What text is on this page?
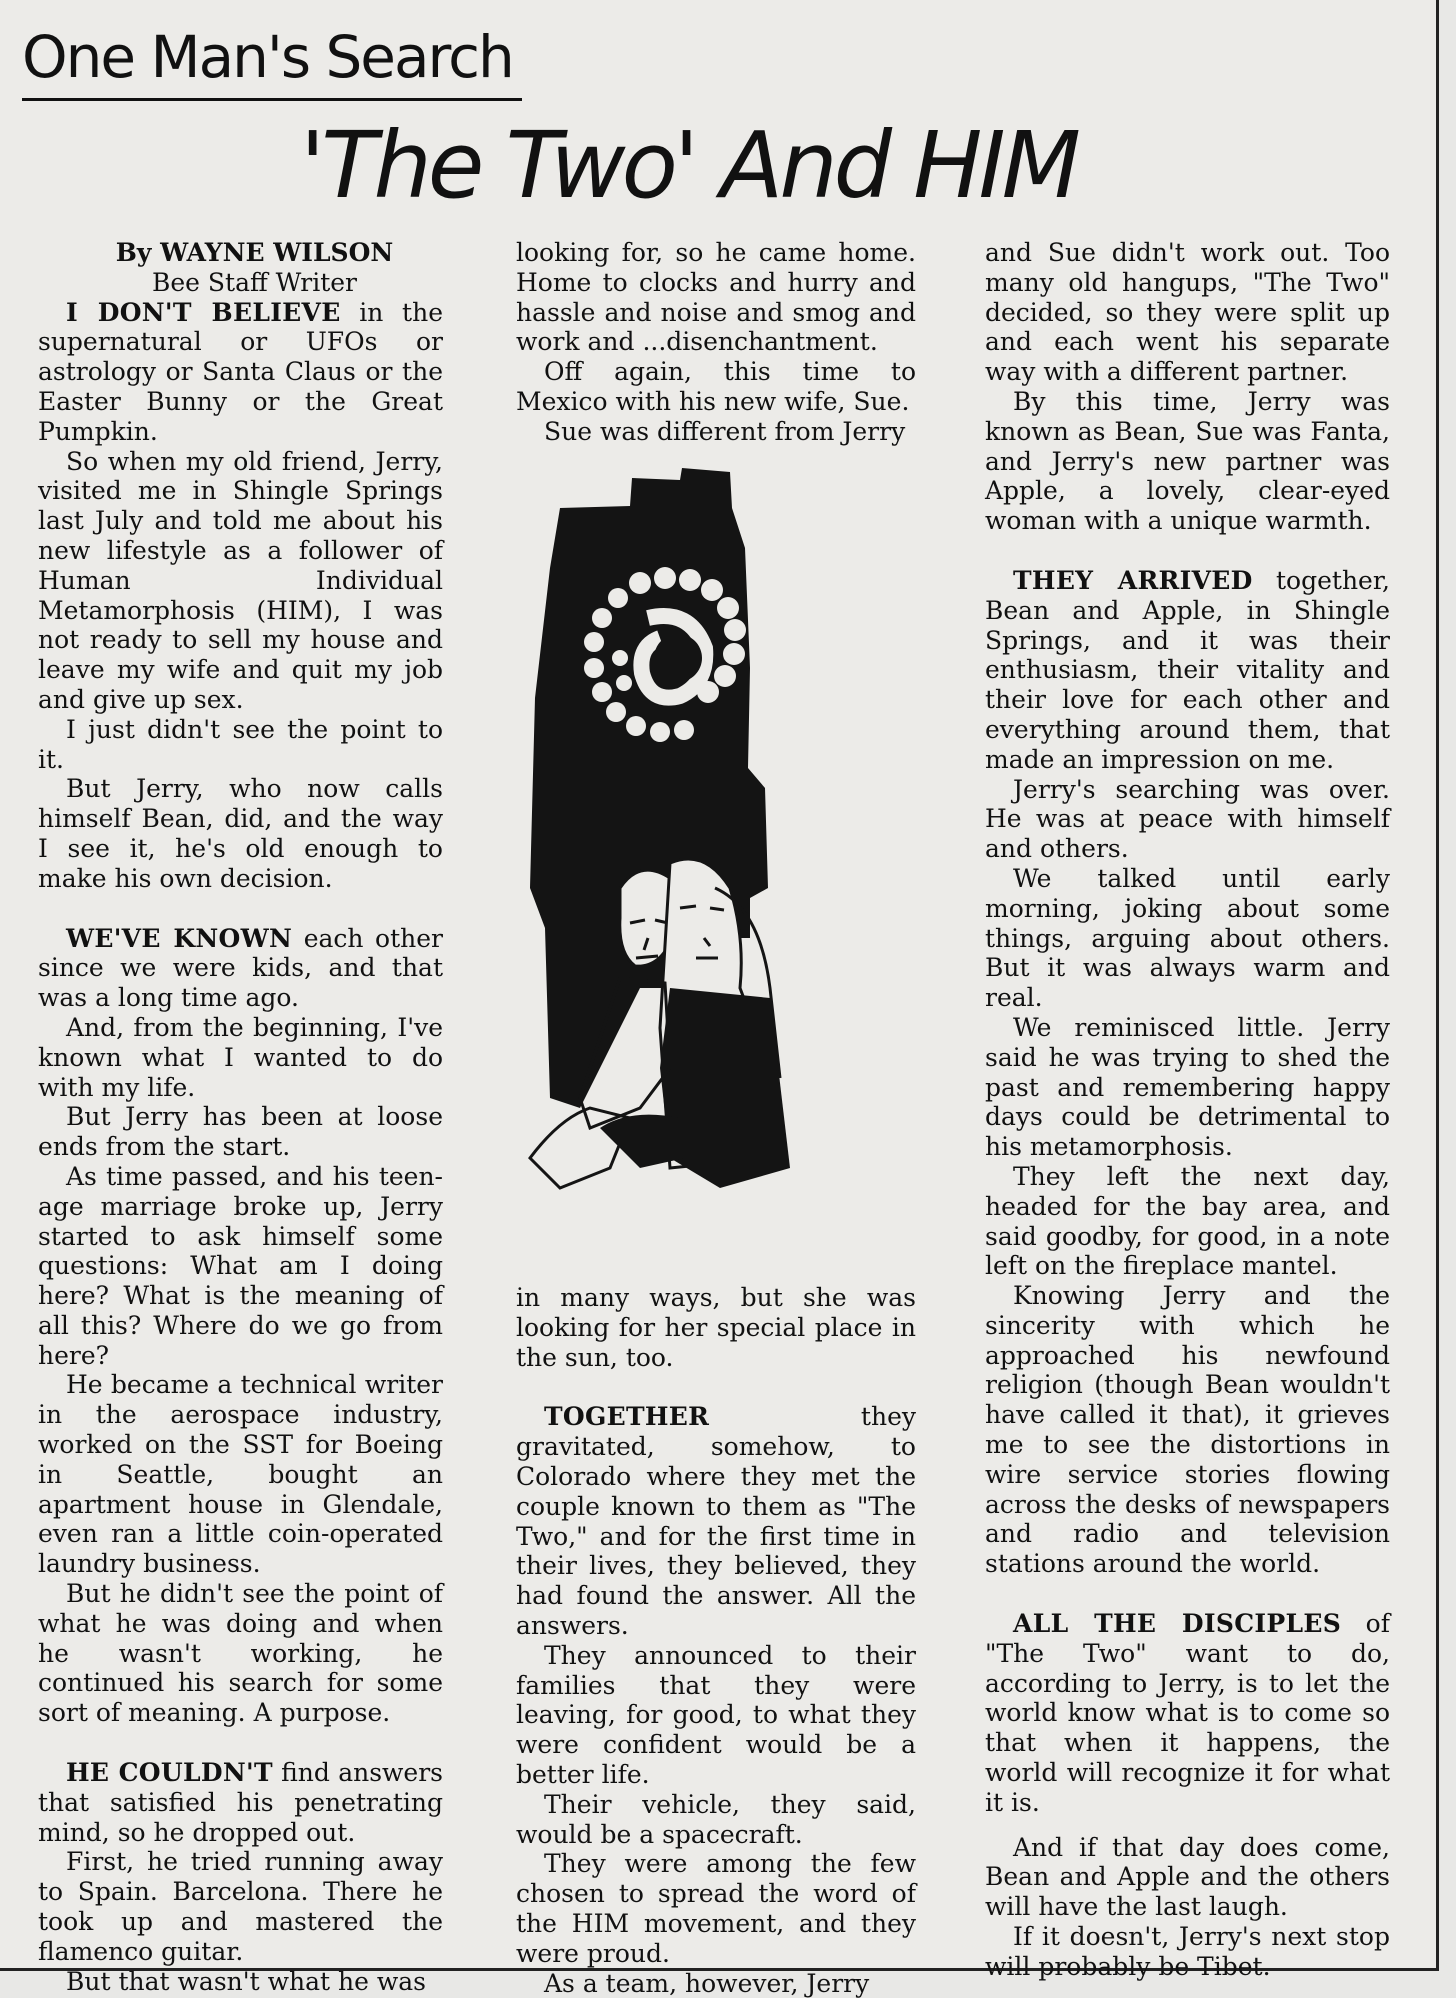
One Man's Search
'The Two' And HIM

By WAYNE WILSON

Bee Staff Writer

I DON'T BELIEVE in the supernatural or UFOs or astrology or Santa Claus or the Easter Bunny or the Great Pumpkin.

So when my old friend, Jerry, visited me in Shingle Springs last July and told me about his new lifestyle as a follower of Human Individual Metamorphosis (HIM), I was not ready to sell my house and leave my wife and quit my job and give up sex.

I just didn't see the point to it.

But Jerry, who now calls himself Bean, did, and the way I see it, he's old enough to make his own decision.

WE'VE KNOWN each other since we were kids, and that was a long time ago.

And, from the beginning, I've known what I wanted to do with my life.

But Jerry has been at loose ends from the start.

As time passed, and his teen-age marriage broke up, Jerry started to ask himself some questions: What am I doing here? What is the meaning of all this? Where do we go from here?

He became a technical writer in the aerospace industry, worked on the SST for Boeing in Seattle, bought an apartment house in Glendale, even ran a little coin-operated laundry business.

But he didn't see the point of what he was doing and when he wasn't working, he continued his search for some sort of meaning. A purpose.

HE COULDN'T find answers that satisfied his penetrating mind, so he dropped out.

First, he tried running away to Spain. Barcelona. There he took up and mastered the flamenco guitar.

But that wasn't what he was

looking for, so he came home. Home to clocks and hurry and hassle and noise and smog and work and ...disenchantment.

Off again, this time to Mexico with his new wife, Sue.

Sue was different from Jerry

in many ways, but she was looking for her special place in the sun, too.

TOGETHER they gravitated, somehow, to Colorado where they met the couple known to them as "The Two," and for the first time in their lives, they believed, they had found the answer. All the answers.

They announced to their families that they were leaving, for good, to what they were confident would be a better life.

Their vehicle, they said, would be a spacecraft.

They were among the few chosen to spread the word of the HIM movement, and they were proud.

As a team, however, Jerry

and Sue didn't work out. Too many old hangups, "The Two" decided, so they were split up and each went his separate way with a different partner.

By this time, Jerry was known as Bean, Sue was Fanta, and Jerry's new partner was Apple, a lovely, clear-eyed woman with a unique warmth.

THEY ARRIVED together, Bean and Apple, in Shingle Springs, and it was their enthusiasm, their vitality and their love for each other and everything around them, that made an impression on me.

Jerry's searching was over. He was at peace with himself and others.

We talked until early morning, joking about some things, arguing about others. But it was always warm and real.

We reminisced little. Jerry said he was trying to shed the past and remembering happy days could be detrimental to his metamorphosis.

They left the next day, headed for the bay area, and said goodby, for good, in a note left on the fireplace mantel.

Knowing Jerry and the sincerity with which he approached his newfound religion (though Bean wouldn't have called it that), it grieves me to see the distortions in wire service stories flowing across the desks of newspapers and radio and television stations around the world.

ALL THE DISCIPLES of "The Two" want to do, according to Jerry, is to let the world know what is to come so that when it happens, the world will recognize it for what it is.

And if that day does come, Bean and Apple and the others will have the last laugh.

If it doesn't, Jerry's next stop will probably be Tibet.
